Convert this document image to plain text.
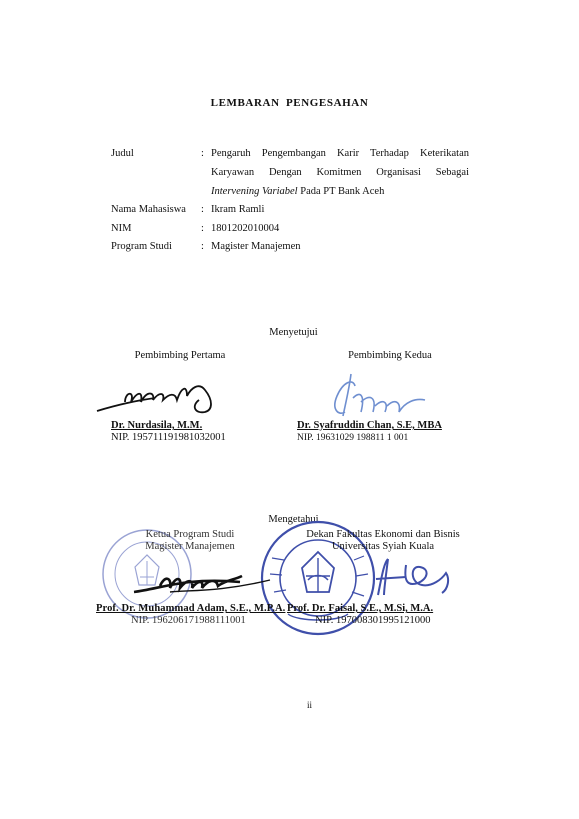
LEMBARAN PENGESAHAN
Judul	: Pengaruh Pengembangan Karir Terhadap Keterikatan
Karyawan Dengan Komitmen Organisasi Sebagai
Intervening Variabel Pada PT Bank Aceh
Nama Mahasiswa	: Ikram Ramli
NIM	: 1801202010004
Program Studi	: Magister Manajemen
Menyetujui
Pembimbing Pertama	Pembimbing Kedua
Dr. Nurdasila, M.M.
NIP. 195711191981032001
Dr. Syafruddin Chan, S.E, MBA
NIP. 19631029 198811 1 001
Mengetahui
Ketua Program Studi
Magister Manajemen
Dekan Fakultas Ekonomi dan Bisnis
Universitas Syiah Kuala
Prof. Dr. Muhammad Adam, S.E., M.P.A.
NIP. 196206171988111001
Prof. Dr. Faisal, S.E., M.Si, M.A.
NIP. 197008301995121000
ii
